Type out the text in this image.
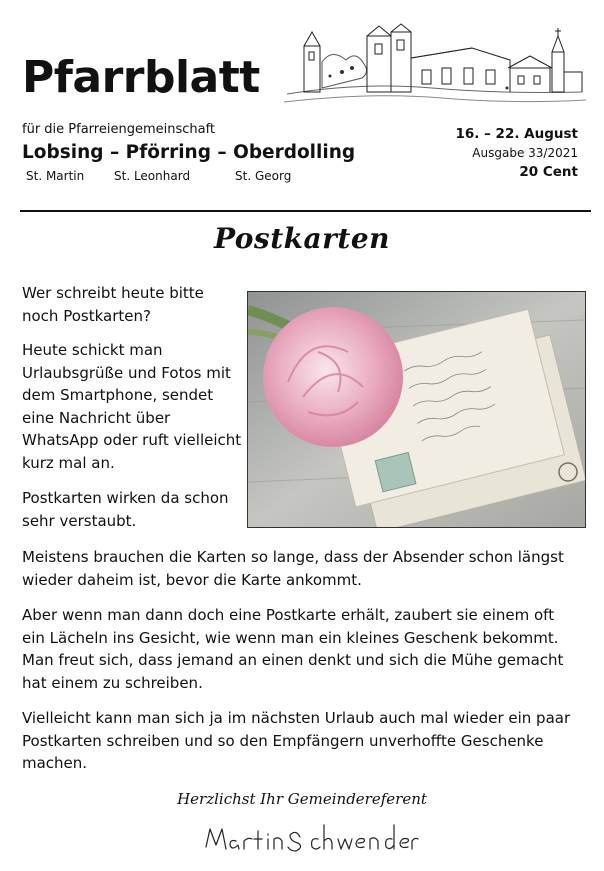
Pfarrblatt
für die Pfarreiengemeinschaft
Lobsing – Pförring – Oberdolling
St. Martin St. Leonhard	St. Georg
16. – 22. August
Ausgabe 33/2021
20 Cent
Postkarten
Wer schreibt heute bitte noch Postkarten?
Heute schickt man Urlaubsgrüße und Fotos mit dem Smartphone, sendet eine Nachricht über WhatsApp oder ruft vielleicht kurz mal an.
Postkarten wirken da schon sehr verstaubt.
Meistens brauchen die Karten so lange, dass der Absender schon längst wieder daheim ist, bevor die Karte ankommt.
Aber wenn man dann doch eine Postkarte erhält, zaubert sie einem oft ein Lächeln ins Gesicht, wie wenn man ein kleines Geschenk bekommt. Man freut sich, dass jemand an einen denkt und sich die Mühe gemacht hat einem zu schreiben.
Vielleicht kann man sich ja im nächsten Urlaub auch mal wieder ein paar Postkarten schreiben und so den Empfängern unverhoffte Geschenke machen.
Herzlichst Ihr Gemeindereferent
